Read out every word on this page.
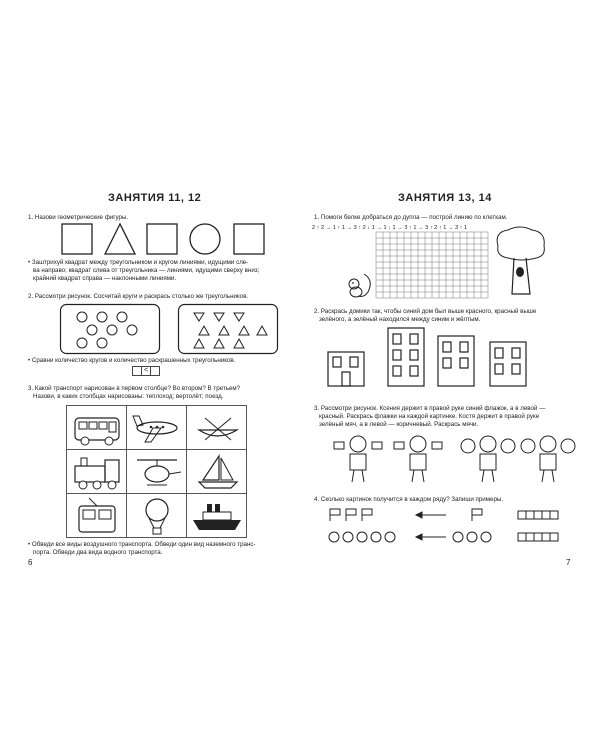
ЗАНЯТИЯ 11, 12
1. Назови геометрические фигуры.
• Заштрихуй квадрат между треугольником и кругом линиями, идущими сле-
ва направо; квадрат слева от треугольника — линиями, идущими сверху вниз;
крайний квадрат справа — наклонными линиями.
2. Рассмотри рисунок. Сосчитай круги и раскрась столько же треугольников.
• Сравни количество кругов и количество раскрашенных треугольников.
<
3. Какой транспорт нарисован в первом столбце? Во втором? В третьем?
Назови, в каких столбцах нарисованы: теплоход; вертолёт; поезд.
• Обведи все виды воздушного транспорта. Обведи один вид наземного транс-
порта. Обведи два вида водного транспорта.
6
ЗАНЯТИЯ 13, 14
1. Помоги белке добраться до дупла — построй линию по клеткам.
2 ↑ 2 → 1 ↑ 1 → 3 ↑ 2 ↓ 1 → 1 ↓ 1 → 3 ↑ 1 → 3 ↑ 2 ↑ 1 → 3 ↑ 1
2. Раскрась домики так, чтобы синий дом был выше красного, красный выше
зелёного, а зелёный находился между синим и жёлтым.
3. Рассмотри рисунок. Ксения держит в правой руке синий флажок, а в левой —
красный. Раскрась флажки на каждой картинке. Костя держит в правой руке
зелёный мяч, а в левой — коричневый. Раскрась мячи.
4. Сколько картинок получится в каждом ряду? Запиши примеры.
7
